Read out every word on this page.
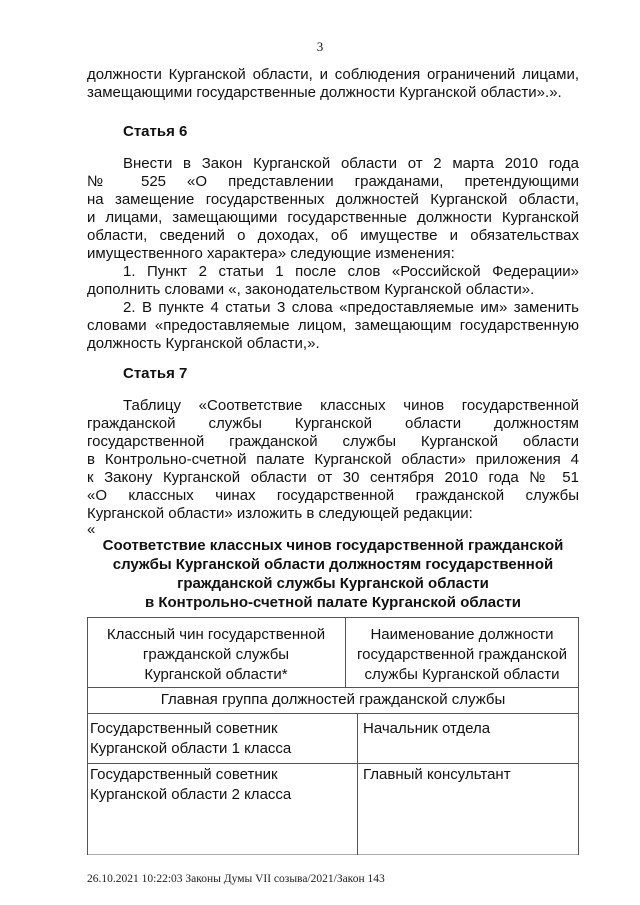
3
должности Курганской области, и соблюдения ограничений лицами,
замещающими государственные должности Курганской области».».
Статья 6
Внести в Закон Курганской области от 2 марта 2010 года
№ 525 «О представлении гражданами, претендующими
на замещение государственных должностей Курганской области,
и лицами, замещающими государственные должности Курганской
области, сведений о доходах, об имуществе и обязательствах
имущественного характера» следующие изменения:
1. Пункт 2 статьи 1 после слов «Российской Федерации»
дополнить словами «, законодательством Курганской области».
2. В пункте 4 статьи 3 слова «предоставляемые им» заменить
словами «предоставляемые лицом, замещающим государственную
должность Курганской области,».
Статья 7
Таблицу «Соответствие классных чинов государственной
гражданской службы Курганской области должностям
государственной гражданской службы Курганской области
в Контрольно-счетной палате Курганской области» приложения 4
к Закону Курганской области от 30 сентября 2010 года № 51
«О классных чинах государственной гражданской службы
Курганской области» изложить в следующей редакции:
«
Соответствие классных чинов государственной гражданской
службы Курганской области должностям государственной
гражданской службы Курганской области
в Контрольно-счетной палате Курганской области
Классный чин государственной
гражданской службы
Курганской области*
Наименование должности
государственной гражданской
службы Курганской области
Главная группа должностей гражданской службы
Государственный советник
Курганской области 1 класса
Начальник отдела
Государственный советник
Курганской области 2 класса
Главный консультант
26.10.2021 10:22:03 Законы Думы VII созыва/2021/Закон 143
